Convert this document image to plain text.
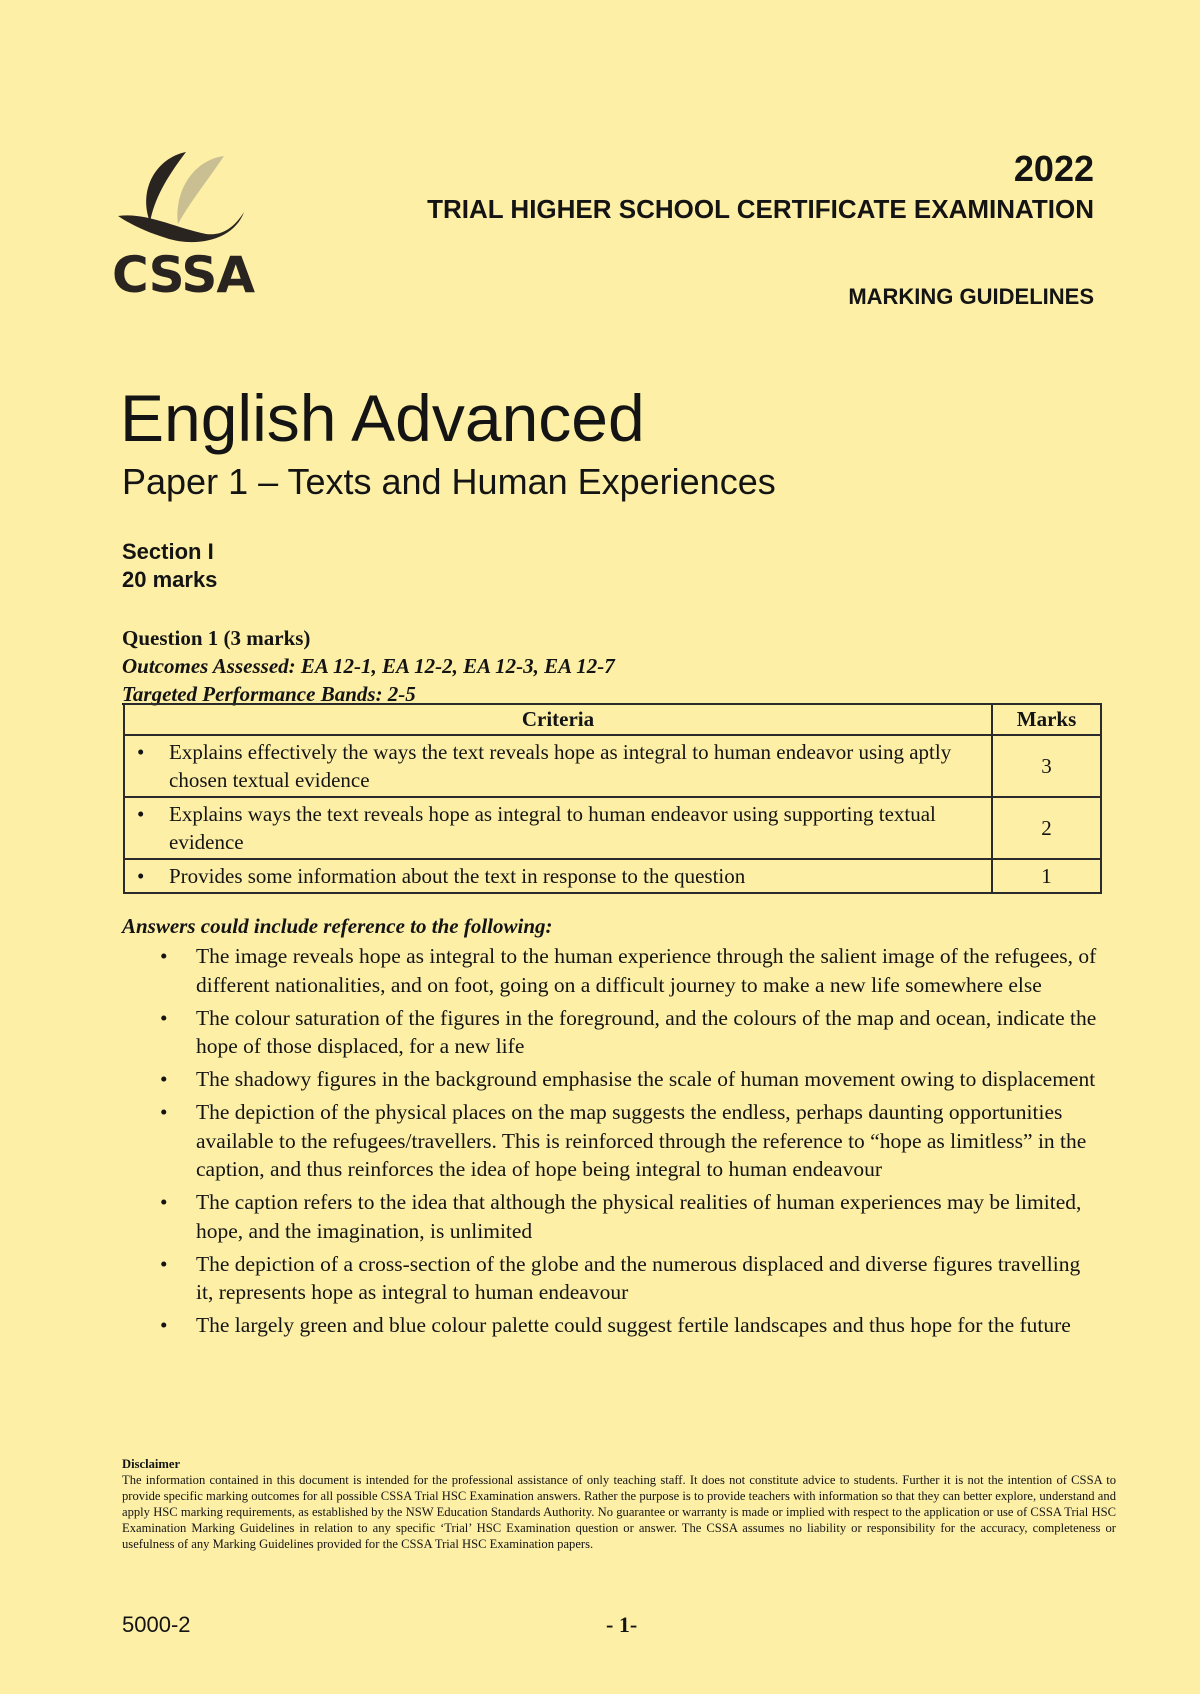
CSSA
2022
TRIAL HIGHER SCHOOL CERTIFICATE EXAMINATION
MARKING GUIDELINES
English Advanced
Paper 1 – Texts and Human Experiences
Section I
20 marks
Question 1 (3 marks)
Outcomes Assessed: EA 12-1, EA 12-2, EA 12-3, EA 12-7
Targeted Performance Bands: 2-5
Criteria	Marks

• Explains effectively the ways the text reveals hope as integral to human endeavor using aptly chosen textual evidence	3

• Explains ways the text reveals hope as integral to human endeavor using supporting textual evidence	2

• Provides some information about the text in response to the question	1
Answers could include reference to the following:
•	The image reveals hope as integral to the human experience through the salient image of the refugees, of different nationalities, and on foot, going on a difficult journey to make a new life somewhere else
•	The colour saturation of the figures in the foreground, and the colours of the map and ocean, indicate the hope of those displaced, for a new life
•	The shadowy figures in the background emphasise the scale of human movement owing to displacement
•	The depiction of the physical places on the map suggests the endless, perhaps daunting opportunities available to the refugees/travellers. This is reinforced through the reference to “hope as limitless” in the caption, and thus reinforces the idea of hope being integral to human endeavour
•	The caption refers to the idea that although the physical realities of human experiences may be limited, hope, and the imagination, is unlimited
•	The depiction of a cross-section of the globe and the numerous displaced and diverse figures travelling it, represents hope as integral to human endeavour
•	The largely green and blue colour palette could suggest fertile landscapes and thus hope for the future
Disclaimer
The information contained in this document is intended for the professional assistance of only teaching staff. It does not constitute advice to students. Further it is not the intention of CSSA to provide specific marking outcomes for all possible CSSA Trial HSC Examination answers. Rather the purpose is to provide teachers with information so that they can better explore, understand and apply HSC marking requirements, as established by the NSW Education Standards Authority. No guarantee or warranty is made or implied with respect to the application or use of CSSA Trial HSC Examination Marking Guidelines in relation to any specific ‘Trial’ HSC Examination question or answer. The CSSA assumes no liability or responsibility for the accuracy, completeness or usefulness of any Marking Guidelines provided for the CSSA Trial HSC Examination papers.
5000-2	- 1-
